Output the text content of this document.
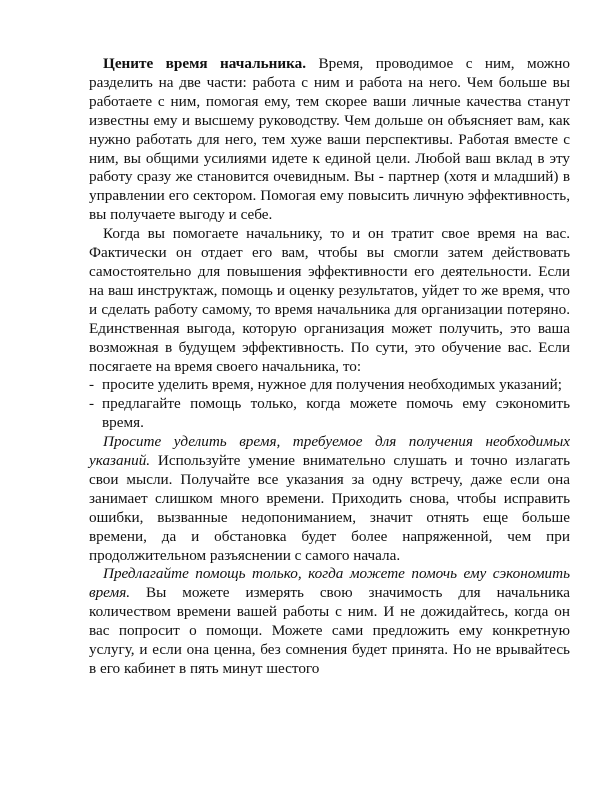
Цените время начальника. Время, проводимое с ним, можно разделить на две части: работа с ним и работа на него. Чем больше вы работаете с ним, помогая ему, тем скорее ваши личные качества станут известны ему и высшему руководству. Чем дольше он объясняет вам, как нужно работать для него, тем хуже ваши перспективы. Работая вместе с ним, вы общими усилиями идете к единой цели. Любой ваш вклад в эту работу сразу же становится очевидным. Вы - партнер (хотя и младший) в управлении его сектором. Помогая ему повысить личную эффективность, вы получаете выгоду и себе.

Когда вы помогаете начальнику, то и он тратит свое время на вас. Фактически он отдает его вам, чтобы вы смогли затем действовать самостоятельно для повышения эффективности его деятельности. Если на ваш инструктаж, помощь и оценку результатов, уйдет то же время, что и сделать работу самому, то время начальника для организации потеряно. Единственная выгода, которую организация может получить, это ваша возможная в будущем эффективность. По сути, это обучение вас. Если посягаете на время своего начальника, то:

- просите уделить время, нужное для получения необходимых указаний;
- предлагайте помощь только, когда можете помочь ему сэкономить время.

Просите уделить время, требуемое для получения необходимых указаний. Используйте умение внимательно слушать и точно излагать свои мысли. Получайте все указания за одну встречу, даже если она занимает слишком много времени. Приходить снова, чтобы исправить ошибки, вызванные недопониманием, значит отнять еще больше времени, да и обстановка будет более напряженной, чем при продолжительном разъяснении с самого начала.

Предлагайте помощь только, когда можете помочь ему сэкономить время. Вы можете измерять свою значимость для начальника количеством времени вашей работы с ним. И не дожидайтесь, когда он вас попросит о помощи. Можете сами предложить ему конкретную услугу, и если она ценна, без сомнения будет принята. Но не врывайтесь в его кабинет в пять минут шестого
